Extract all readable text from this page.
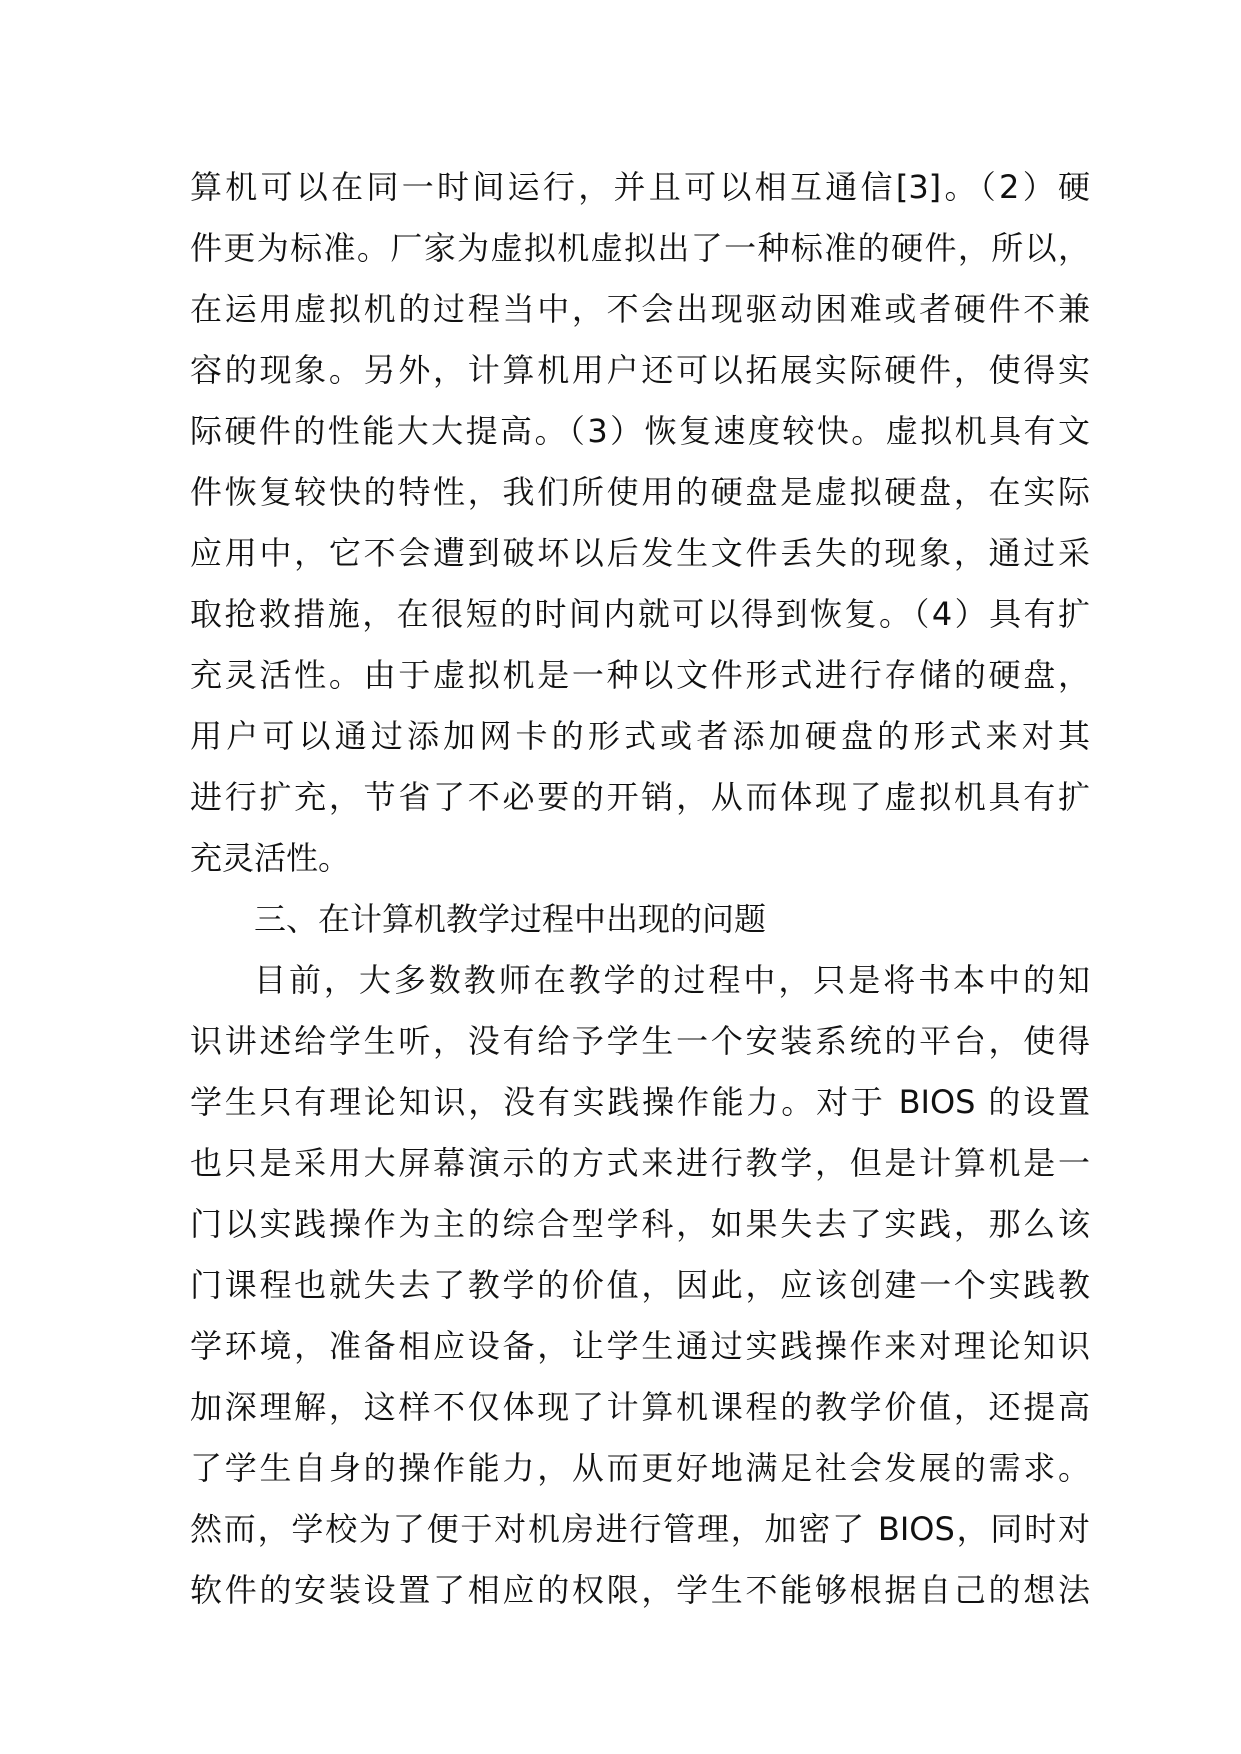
算机可以在同一时间运行，并且可以相互通信[3]。（2）硬
件更为标准。厂家为虚拟机虚拟出了一种标准的硬件，所以，
在运用虚拟机的过程当中，不会出现驱动困难或者硬件不兼
容的现象。另外，计算机用户还可以拓展实际硬件，使得实
际硬件的性能大大提高。（3）恢复速度较快。虚拟机具有文
件恢复较快的特性，我们所使用的硬盘是虚拟硬盘，在实际
应用中，它不会遭到破坏以后发生文件丢失的现象，通过采
取抢救措施，在很短的时间内就可以得到恢复。（4）具有扩
充灵活性。由于虚拟机是一种以文件形式进行存储的硬盘，
用户可以通过添加网卡的形式或者添加硬盘的形式来对其
进行扩充，节省了不必要的开销，从而体现了虚拟机具有扩
充灵活性。
三、在计算机教学过程中出现的问题
目前，大多数教师在教学的过程中，只是将书本中的知
识讲述给学生听，没有给予学生一个安装系统的平台，使得
学生只有理论知识，没有实践操作能力。对于 BIOS 的设置
也只是采用大屏幕演示的方式来进行教学，但是计算机是一
门以实践操作为主的综合型学科，如果失去了实践，那么该
门课程也就失去了教学的价值，因此，应该创建一个实践教
学环境，准备相应设备，让学生通过实践操作来对理论知识
加深理解，这样不仅体现了计算机课程的教学价值，还提高
了学生自身的操作能力，从而更好地满足社会发展的需求。
然而，学校为了便于对机房进行管理，加密了 BIOS，同时对
软件的安装设置了相应的权限，学生不能够根据自己的想法
